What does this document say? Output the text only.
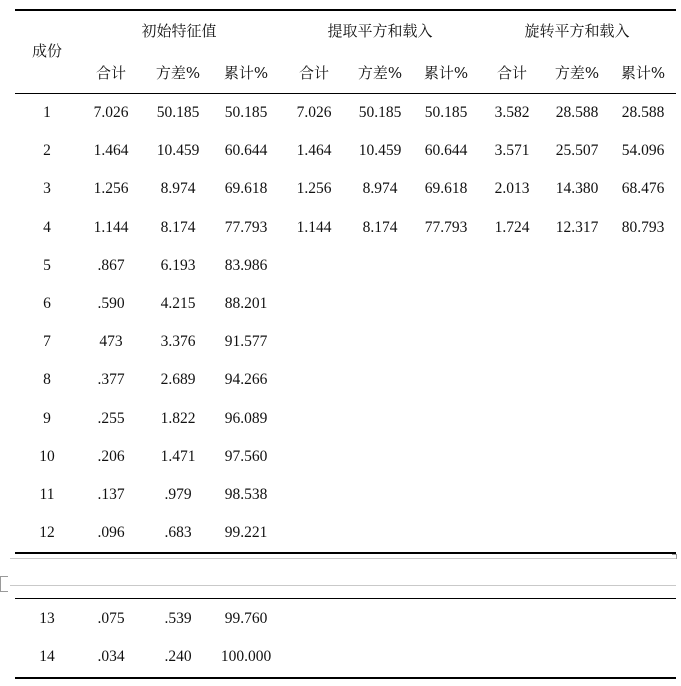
成份
初始特征值	提取平方和载入	旋转平方和载入
合计 方差% 累计% 合计 方差% 累计% 合计 方差% 累计%
1	7.026 50.185 50.185 7.026 50.185 50.185 3.582 28.588 28.588
2	1.464 10.459 60.644 1.464 10.459 60.644 3.571 25.507 54.096
3	1.256 8.974 69.618 1.256 8.974 69.618 2.013 14.380 68.476
4	1.144 8.174 77.793 1.144 8.174 77.793 1.724 12.317 80.793
5	.867 6.193 83.986
6	.590 4.215 88.201
7	473 3.376 91.577
8	.377 2.689 94.266
9	.255 1.822 96.089
10	.206 1.471 97.560
11	.137	.979 98.538
12	.096	.683 99.221
13	.075	.539 99.760
14	.034	.240 100.000
